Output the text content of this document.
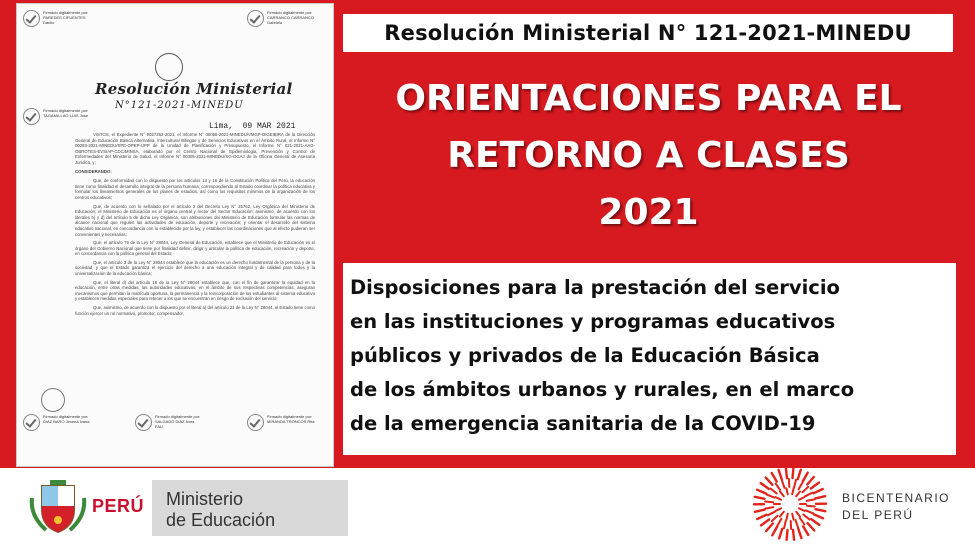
Firmado digitalmente por: PAREDES CIFUENTES Danilo
Firmado digitalmente por: CARRANCO CARRANCO Gabriela
Firmado digitalmente por: TAGAMA LAO LUIS Jose
Resolución Ministerial
N°121-2021-MINEDU
Lima, 09 MAR 2021

VISTOS, el Expediente N° 0027252-2021, el Informe N° 00055-2021-MINEDU/VMGP-DIGEIBIRA de la Dirección General de Educación Básica Alternativa, Intercultural Bilingüe y de Servicios Educativos en el Ámbito Rural, el Informe N° 00283-2021-MINEDU/SPE-OPEP-UPP de la Unidad de Planificación y Presupuesto, el Informe N° 021-2021-AAG-OBROTES-EVSIAP-CDC/MINSA, elaborado por el Centro Nacional de Epidemiología, Prevención y Control de Enfermedades del Ministerio de Salud, el Informe N° 00305-2021-MINEDU/SG-OGAJ de la Oficina General de Asesoría Jurídica, y;

CONSIDERANDO:

Que, de conformidad con lo dispuesto por los artículos 13 y 16 de la Constitución Política del Perú, la educación tiene como finalidad el desarrollo integral de la persona humana; correspondiendo al Estado coordinar la política educativa y formular los lineamientos generales de los planes de estudios, así como los requisitos mínimos de la organización de los centros educativos;

Que, de acuerdo con lo señalado por el artículo 3 del Decreto Ley N° 25762, Ley Orgánica del Ministerio de Educación, el Ministerio de Educación es el órgano central y rector del Sector Educación; asimismo, de acuerdo con los literales b) y d) del artículo 5 de dicha Ley Orgánica, son atribuciones del Ministerio de Educación formular las normas de alcance nacional que regulen las actividades de educación, deporte y recreación; y orientar el desarrollo del sistema educativo nacional, en concordancia con lo establecido por la ley, y establecer las coordinaciones que al efecto pudieran ser convenientes y necesarias;

Que, el artículo 79 de la Ley N° 28044, Ley General de Educación, establece que el Ministerio de Educación es el órgano del Gobierno Nacional que tiene por finalidad definir, dirigir y articular la política de educación, recreación y deporte, en concordancia con la política general del Estado;

Que, el artículo 3 de la Ley N° 28044 establece que la educación es un derecho fundamental de la persona y de la sociedad, y que el Estado garantiza el ejercicio del derecho a una educación integral y de calidad para todos y la universalización de la educación básica;

Que, el literal d) del artículo 18 de la Ley N° 28044 establece que, con el fin de garantizar la equidad en la educación, entre otras medidas, las autoridades educativas, en el ámbito de sus respectivas competencias, aseguran mecanismos que permitan la matrícula oportuna, la permanencia y la reincorporación de los estudiantes al sistema educativo y establecen medidas especiales para retener a los que se encuentran en riesgo de exclusión del servicio;

Que, asimismo, de acuerdo con lo dispuesto por el literal a) del artículo 21 de la Ley N° 28044, el Estado tiene como función ejercer un rol normativo, promotor, compensador,

Firmado digitalmente por: DIAZ BARO Jimena Ivana
Firmado digitalmente por: SALGADO DIAZ Nora FAU
Firmado digitalmente por: MIRANDA TRONCOS Rita
Resolución Ministerial N° 121-2021-MINEDU
ORIENTACIONES PARA EL
RETORNO A CLASES
2021
Disposiciones para la prestación del servicio
en las instituciones y programas educativos
públicos y privados de la Educación Básica
de los ámbitos urbanos y rurales, en el marco
de la emergencia sanitaria de la COVID-19
PERÚ Ministerio
de Educación
BICENTENARIO
DEL PERÚ
